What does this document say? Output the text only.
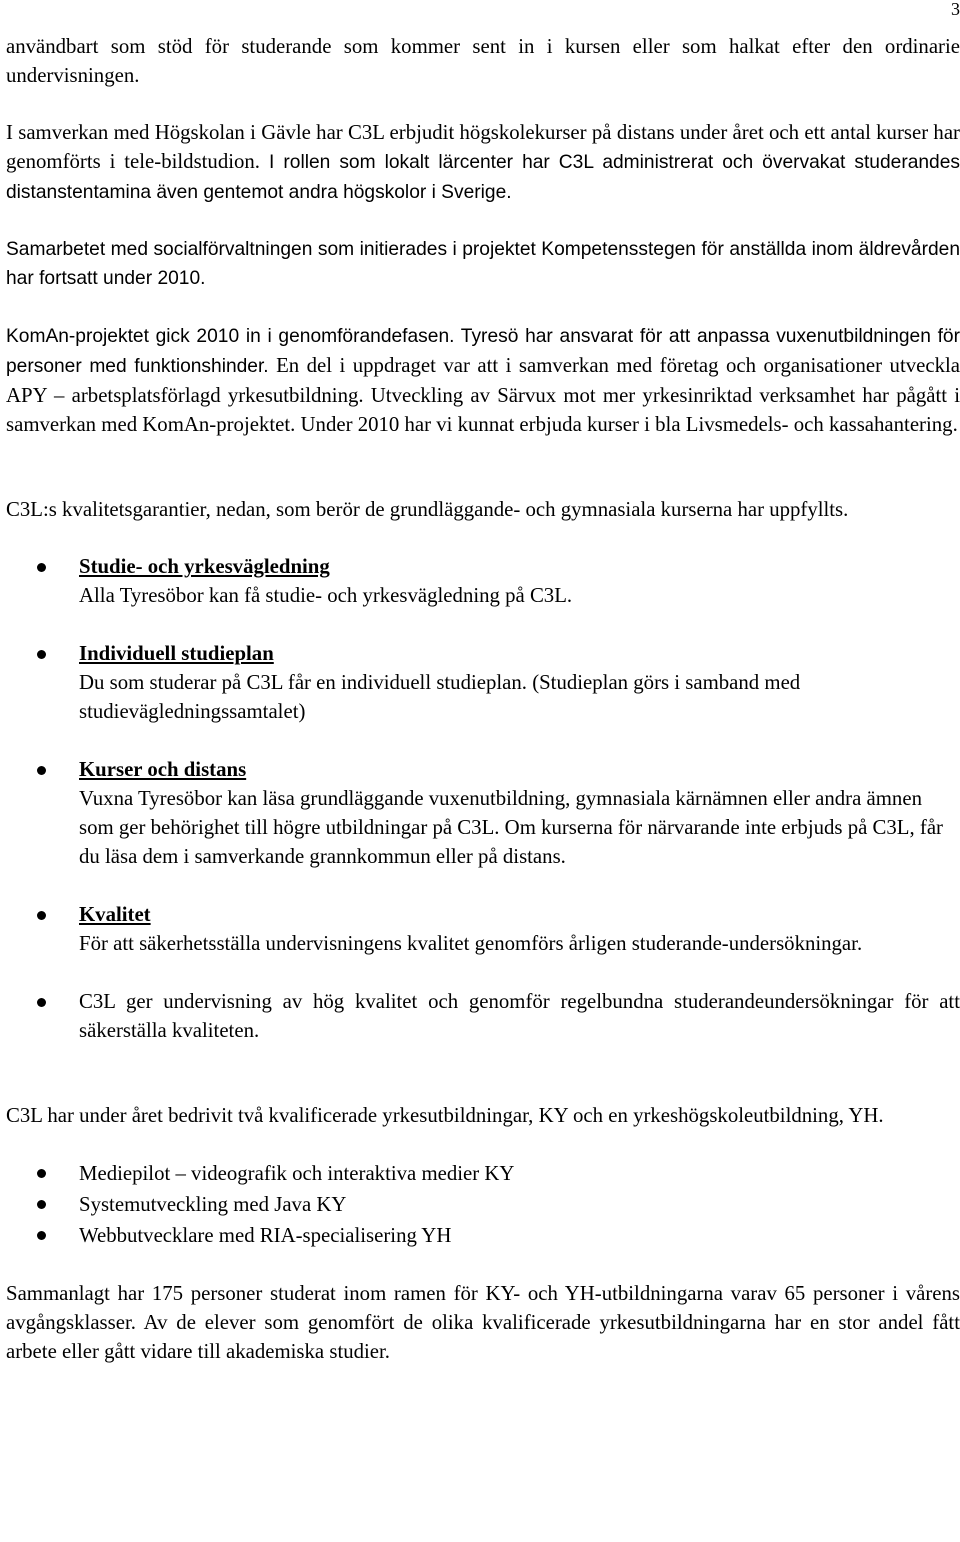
3

användbart som stöd för studerande som kommer sent in i kursen eller som halkat efter den ordinarie undervisningen.

I samverkan med Högskolan i Gävle har C3L erbjudit högskolekurser på distans under året och ett antal kurser har genomförts i tele-bildstudion. I rollen som lokalt lärcenter har C3L administrerat och övervakat studerandes distanstentamina även gentemot andra högskolor i Sverige.

Samarbetet med socialförvaltningen som initierades i projektet Kompetensstegen för anställda inom äldrevården har fortsatt under 2010.

KomAn-projektet gick 2010 in i genomförandefasen. Tyresö har ansvarat för att anpassa vuxenutbildningen för personer med funktionshinder. En del i uppdraget var att i samverkan med företag och organisationer utveckla APY – arbetsplatsförlagd yrkesutbildning. Utveckling av Särvux mot mer yrkesinriktad verksamhet har pågått i samverkan med KomAn-projektet. Under 2010 har vi kunnat erbjuda kurser i bla Livsmedels- och kassahantering.

C3L:s kvalitetsgarantier, nedan, som berör de grundläggande- och gymnasiala kurserna har uppfyllts.

Studie- och yrkesvägledning
Alla Tyresöbor kan få studie- och yrkesvägledning på C3L.
Individuell studieplan
Du som studerar på C3L får en individuell studieplan. (Studieplan görs i samband med studievägledningssamtalet)
Kurser och distans
Vuxna Tyresöbor kan läsa grundläggande vuxenutbildning, gymnasiala kärnämnen eller andra ämnen som ger behörighet till högre utbildningar på C3L. Om kurserna för närvarande inte erbjuds på C3L, får du läsa dem i samverkande grannkommun eller på distans.
Kvalitet
För att säkerhetsställa undervisningens kvalitet genomförs årligen studerande-undersökningar.
C3L ger undervisning av hög kvalitet och genomför regelbundna studerandeundersökningar för att säkerställa kvaliteten.

C3L har under året bedrivit två kvalificerade yrkesutbildningar, KY och en yrkeshögskoleutbildning, YH.

Mediepilot – videografik och interaktiva medier KY
Systemutveckling med Java KY
Webbutvecklare med RIA-specialisering YH

Sammanlagt har 175 personer studerat inom ramen för KY- och YH-utbildningarna varav 65 personer i vårens avgångsklasser. Av de elever som genomfört de olika kvalificerade yrkesutbildningarna har en stor andel fått arbete eller gått vidare till akademiska studier.
